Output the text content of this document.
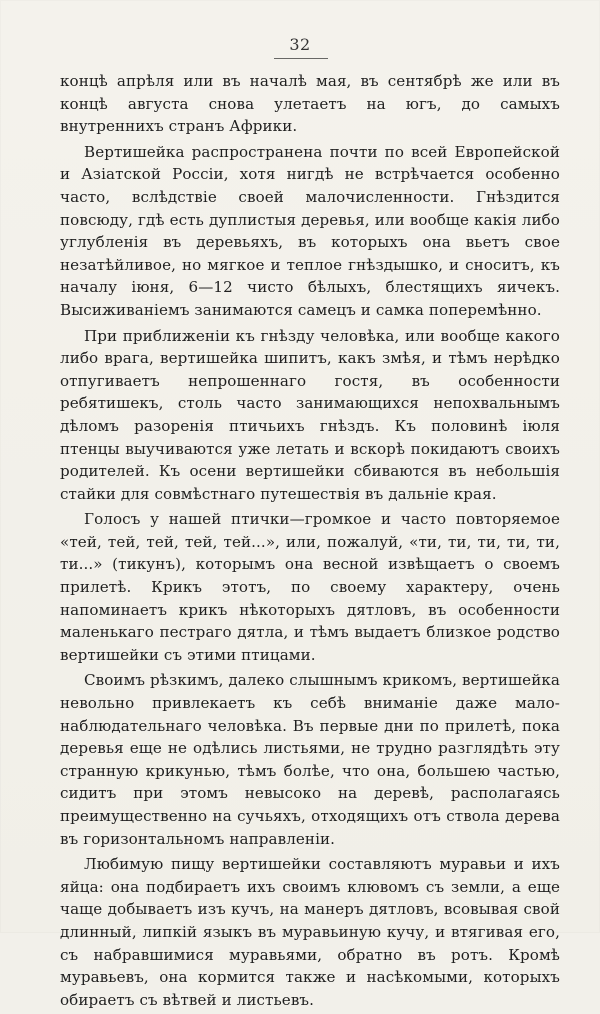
32

концѣ апрѣля или въ началѣ мая, въ сентябрѣ же или въ концѣ августа снова улетаетъ на югъ, до самыхъ внутреннихъ странъ Африки.

Вертишейка распространена почти по всей Европейской и Азіатской Россіи, хотя нигдѣ не встрѣчается особенно часто, вслѣдствіе своей малочисленности. Гнѣздится повсюду, гдѣ есть дуплистыя деревья, или вообще какія либо углубленія въ деревьяхъ, въ которыхъ она вьетъ свое незатѣйливое, но мягкое и теплое гнѣздышко, и сноситъ, къ началу іюня, 6—12 чисто бѣлыхъ, блестящихъ яичекъ. Высиживаніемъ занимаются самецъ и самка поперемѣнно.

При приближеніи къ гнѣзду человѣка, или вообще какого либо врага, вертишейка шипитъ, какъ змѣя, и тѣмъ нерѣдко отпугиваетъ непрошеннаго гостя, въ особенности ребятишекъ, столь часто занимающихся непохвальнымъ дѣломъ разоренія птичьихъ гнѣздъ. Къ половинѣ іюля птенцы выучиваются уже летать и вскорѣ покидаютъ своихъ родителей. Къ осени вертишейки сбиваются въ небольшія стайки для совмѣстнаго путешествія въ дальніе края.

Голосъ у нашей птички—громкое и часто повторяемое «тей, тей, тей, тей, тей...», или, пожалуй, «ти, ти, ти, ти, ти, ти...» (тикунъ), которымъ она весной извѣщаетъ о своемъ прилетѣ. Крикъ этотъ, по своему характеру, очень напоминаетъ крикъ нѣкоторыхъ дятловъ, въ особенности маленькаго пестраго дятла, и тѣмъ выдаетъ близкое родство вертишейки съ этими птицами.

Своимъ рѣзкимъ, далеко слышнымъ крикомъ, вертишейка невольно привлекаетъ къ себѣ вниманіе даже мало-наблюдательнаго человѣка. Въ первые дни по прилетѣ, пока деревья еще не одѣлись листьями, не трудно разглядѣть эту странную крикунью, тѣмъ болѣе, что она, большею частью, сидитъ при этомъ невысоко на деревѣ, располагаясь преимущественно на сучьяхъ, отходящихъ отъ ствола дерева въ горизонтальномъ направленіи.

Любимую пищу вертишейки составляютъ муравьи и ихъ яйца: она подбираетъ ихъ своимъ клювомъ съ земли, а еще чаще добываетъ изъ кучъ, на манеръ дятловъ, всовывая свой длинный, липкій языкъ въ муравьиную кучу, и втягивая его, съ набравшимися муравьями, обратно въ ротъ. Кромѣ муравьевъ, она кормится также и насѣкомыми, которыхъ обираетъ съ вѣтвей и листьевъ.
